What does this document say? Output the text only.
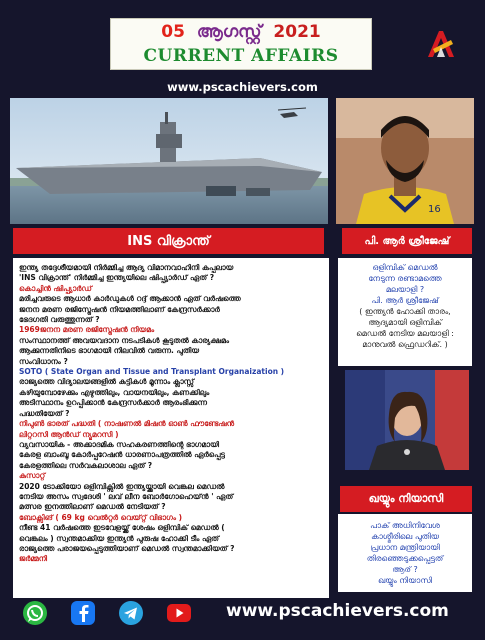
05 ആഗസ്റ്റ് 2021
CURRENT AFFAIRS
www.pscachievers.com
16
INS വിക്രാന്ത്	പി. ആർ ശ്രീജേഷ്
ഖയ്യും നിയാസി

ഇന്ത്യ തദ്ദേശീയമായി നിർമ്മിച്ച ആദ്യ വിമാനവാഹിനി കപ്പലായ

'INS വിക്രാന്ത്' നിർമ്മിച്ച ഇന്ത്യയിലെ ഷിപ്പ്യാർഡ് ഏത് ?

കൊച്ചിൻ ഷിപ്പ്യാർഡ്

മരിച്ചവരുടെ ആധാർ കാർഡുകൾ റദ്ദ് ആക്കാൻ ഏത് വർഷത്തെ

ജനന മരണ രജിസ്ട്രേഷൻ നിയമത്തിലാണ് കേന്ദ്രസർക്കാർ

ഭേദഗതി വരുത്തുന്നത് ?

1969ജനന മരണ രജിസ്ട്രേഷൻ നിയമം

സംസ്ഥാനത്ത് അവയവദാന നടപടികൾ കൂടുതൽ കാര്യക്ഷമം

ആക്കുന്നതിനിടെ ഭാഗമായി നിലവിൽ വരുന്ന. പുതിയ

സംവിധാനം ?

SOTO ( State Organ and Tissue and Transplant Organaization )

രാജ്യത്തെ വിദ്യാലയങ്ങളിൽ കുട്ടികൾ മൂന്നാം ക്ലാസ്സ്

കഴിയുമ്പോഴേക്കും എഴുത്തിലും, വായനയിലും, കണക്കിലും

അടിസ്ഥാനം ഉറപ്പിക്കാൻ കേന്ദ്രസർക്കാർ ആരംഭിക്കുന്ന

പദ്ധതിയേത് ?

നിപുൺ ഭാരത് പദ്ധതി ( നാഷണൽ മിഷൻ ഓൺ ഫൗണ്ടേഷൻ

ലിറ്ററസി ആൻഡ് ന്യൂമറസി )

വ്യവസായിക - അക്കാദമിക സഹകരണത്തിന്റെ ഭാഗമായി

കേരള ബാംബൂ കോർപ്പറേഷൻ ധാരണാപത്രത്തിൽ ഏർപ്പെട്ട

കേരളത്തിലെ സർവകലാശാല ഏത് ?

കുസാറ്റ്

2020 ടോക്കിയോ ഒളിമ്പിക്സിൽ ഇന്ത്യയ്ക്കായി വെങ്കല മെഡൽ

നേടിയ അസം സ്വദേശി ' ലവ്‌ ലീന ബോർഗോഹെയ്ൻ ' ഏത്

മത്സര ഇനത്തിലാണ് മെഡൽ നേടിയത് ?

ബോക്സിങ് ( 69 kg വെൽറ്റർ വെയ്റ്റ് വിഭാഗം )

നീണ്ട 41 വർഷത്തെ ഇടവേളയ്ക്ക് ശേഷം ഒളിമ്പിക് മെഡൽ (

വെങ്കലം ) സ്വന്തമാക്കിയ ഇന്ത്യൻ പുരുഷ ഹോക്കി ടീം ഏത്

രാജ്യത്തെ പരാജയപ്പെടുത്തിയാണ് മെഡൽ സ്വന്തമാക്കിയത് ?

ജർമ്മനി

ഒളിമ്പിക് മെഡൽ

നേടുന്ന രണ്ടാമത്തെ

മലയാളി ?

പി. ആർ ശ്രീജേഷ്

( ഇന്ത്യൻ ഹോക്കി താരം,

ആദ്യമായി ഒളിമ്പിക്

മെഡൽ നേടിയ മലയാളി :

മാനുവൽ ഫ്രെഡറിക്. )

പാക് അധിനിവേശ

കാശ്മീരിലെ പുതിയ

പ്രധാന മന്ത്രിയായി

തിരഞ്ഞെടുക്കപ്പെട്ടത്

ആര് ?

ഖയ്യും നിയാസി

www.pscachievers.com
